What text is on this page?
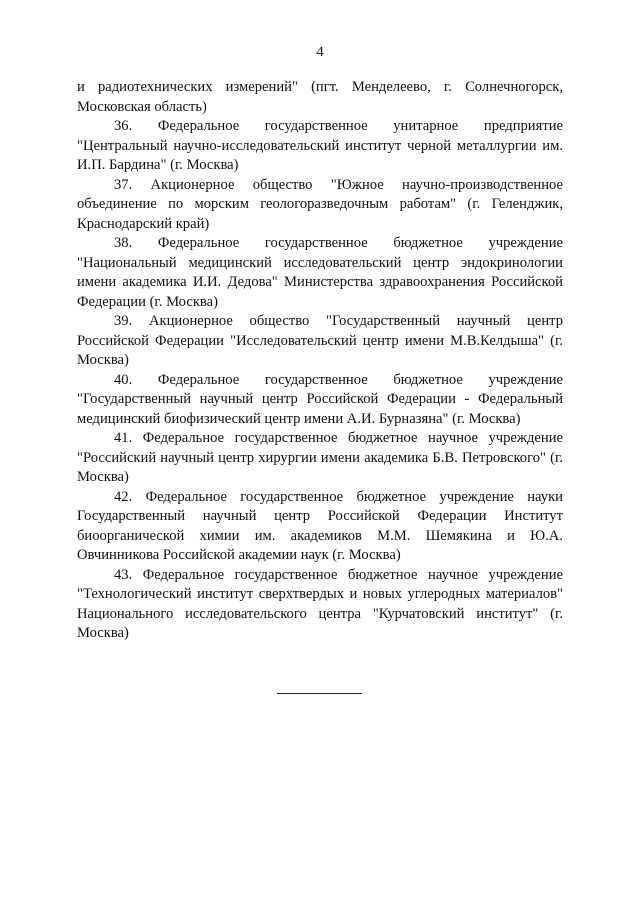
4

и радиотехнических измерений" (пгт. Менделеево, г. Солнечногорск, Московская область)

36. Федеральное государственное унитарное предприятие "Центральный научно-исследовательский институт черной металлургии им. И.П. Бардина" (г. Москва)

37. Акционерное общество "Южное научно-производственное объединение по морским геологоразведочным работам" (г. Геленджик, Краснодарский край)

38. Федеральное государственное бюджетное учреждение "Национальный медицинский исследовательский центр эндокринологии имени академика И.И. Дедова" Министерства здравоохранения Российской Федерации (г. Москва)

39. Акционерное общество "Государственный научный центр Российской Федерации "Исследовательский центр имени М.В.Келдыша" (г. Москва)

40. Федеральное государственное бюджетное учреждение "Государственный научный центр Российской Федерации - Федеральный медицинский биофизический центр имени А.И. Бурназяна" (г. Москва)

41. Федеральное государственное бюджетное научное учреждение "Российский научный центр хирургии имени академика Б.В. Петровского" (г. Москва)

42. Федеральное государственное бюджетное учреждение науки Государственный научный центр Российской Федерации Институт биоорганической химии им. академиков М.М. Шемякина и Ю.А. Овчинникова Российской академии наук (г. Москва)

43. Федеральное государственное бюджетное научное учреждение "Технологический институт сверхтвердых и новых углеродных материалов" Национального исследовательского центра "Курчатовский институт" (г. Москва)
